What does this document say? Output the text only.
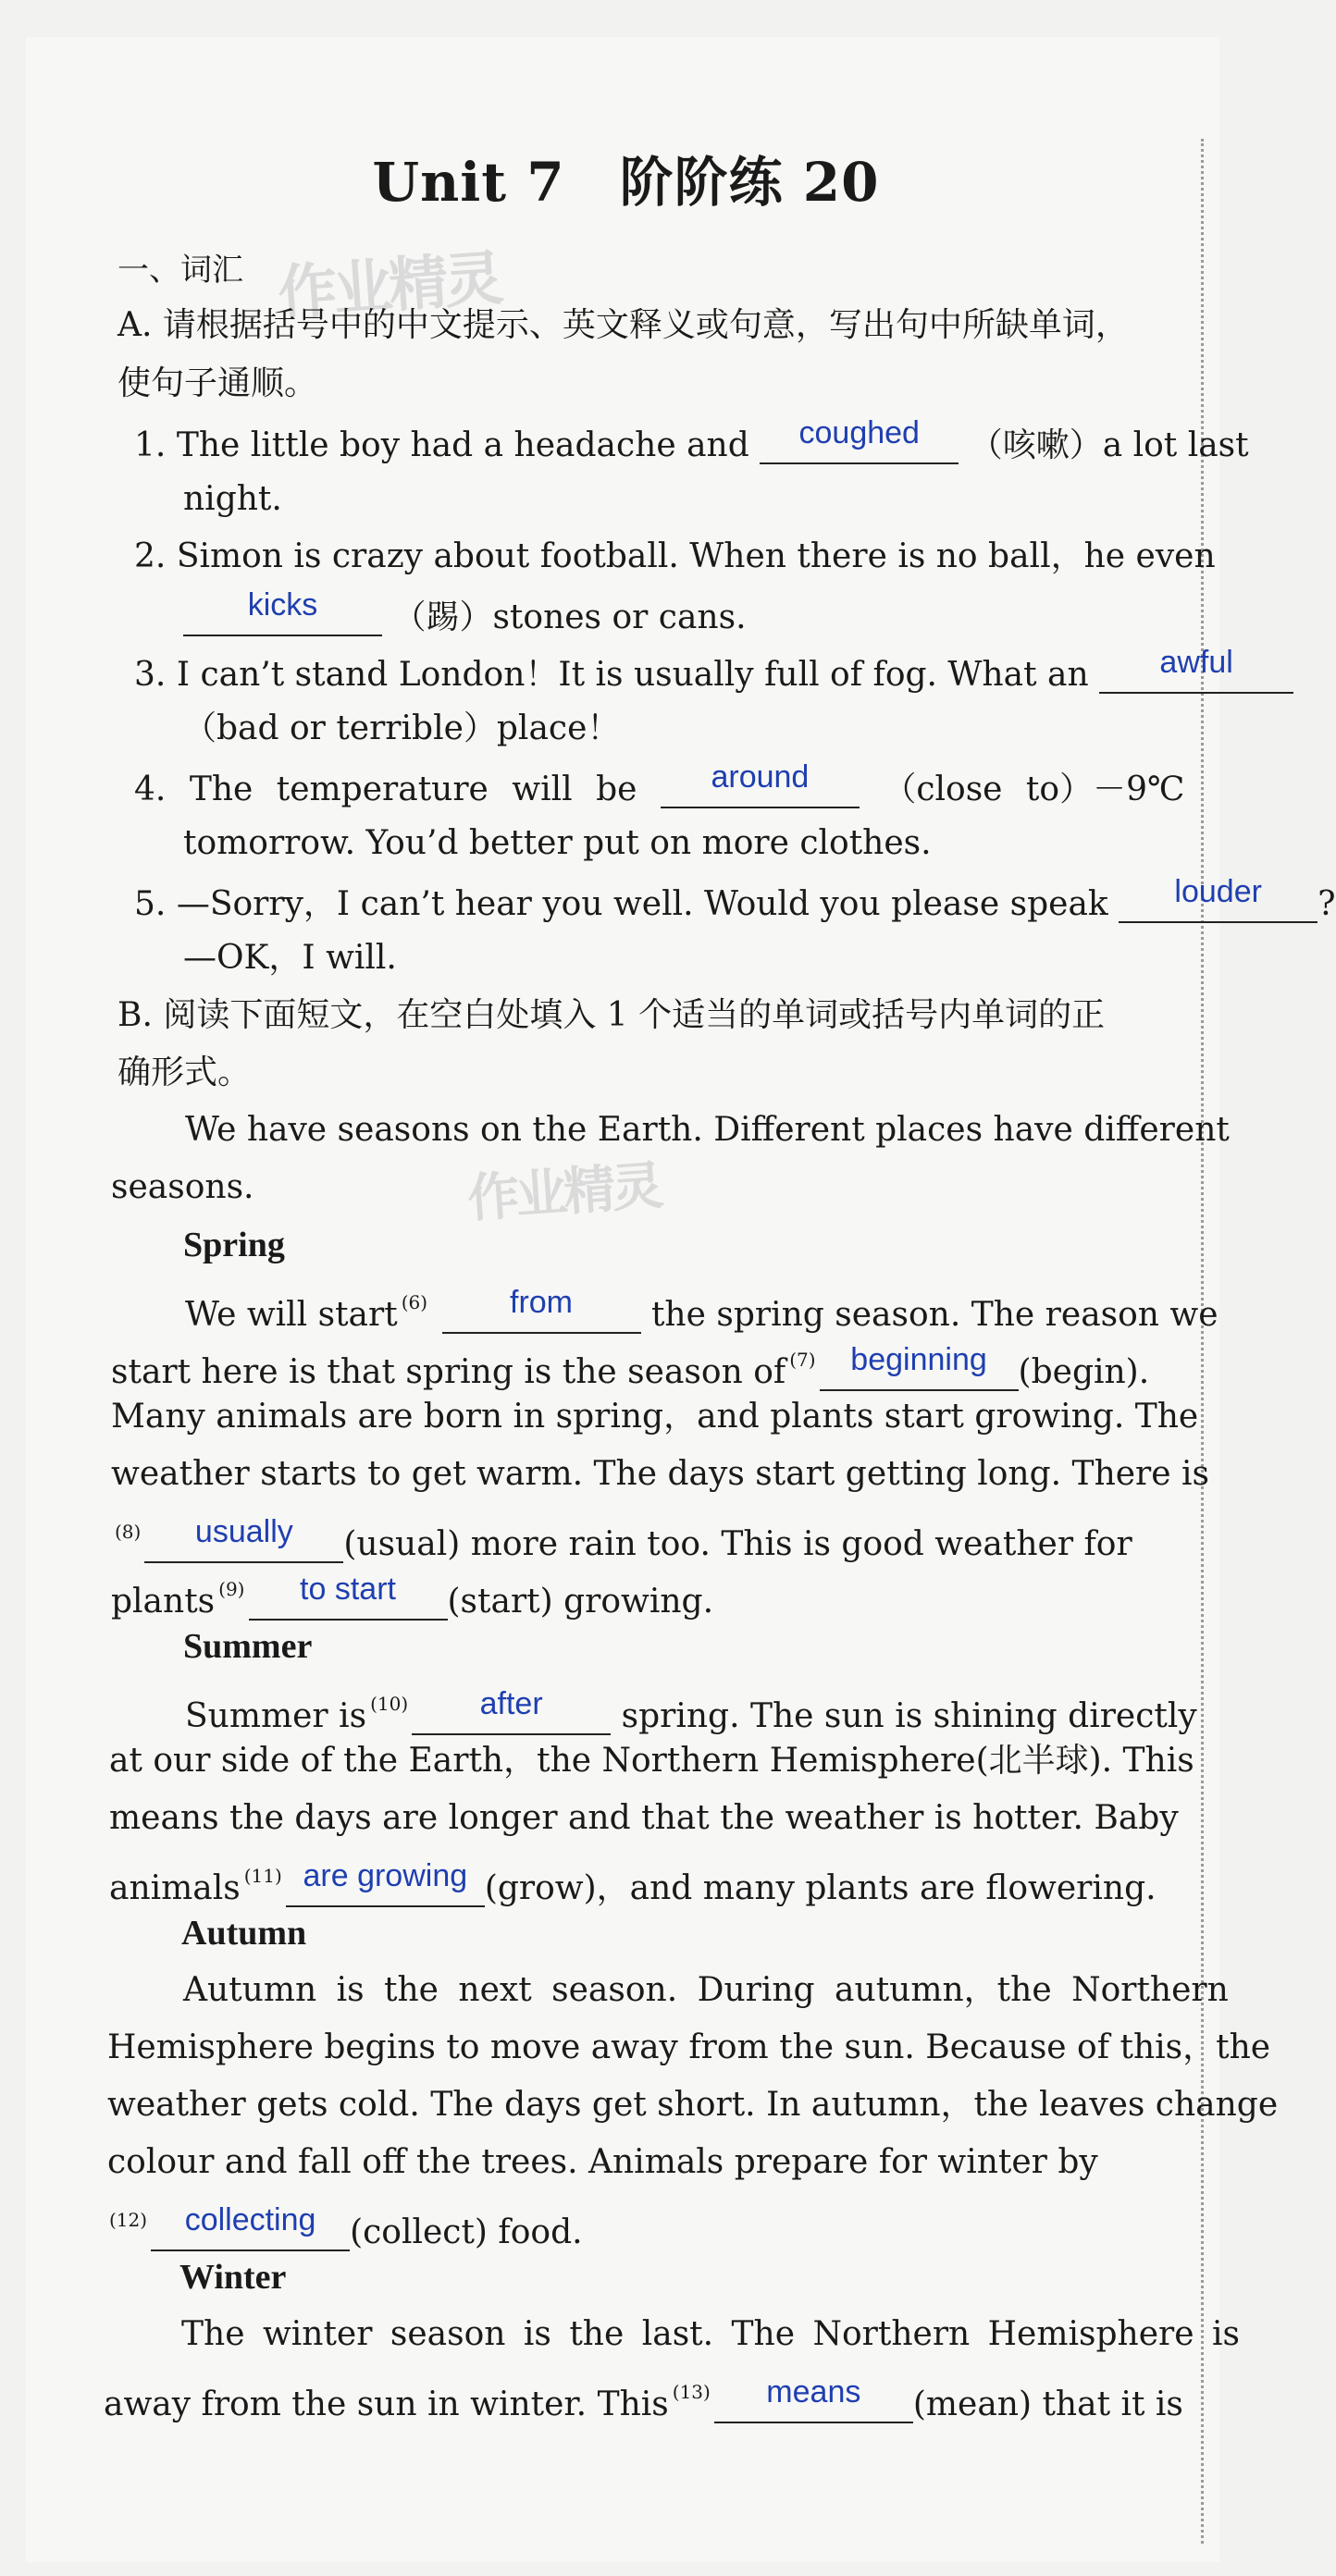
Unit 7　阶阶练 20
作业精灵
作业精灵
一、词汇
A. 请根据括号中的中文提示、英文释义或句意，写出句中所缺单词，
使句子通顺。
1. The little boy had a headache and	coughed	（咳嗽）a lot last
night.
2. Simon is crazy about football. When there is no ball，he even
kicks	（踢）stones or cans.
3. I can’t stand London！It is usually full of fog. What an	awful
（bad or terrible）place！
4. The temperature will be	around	（close to）－9℃
tomorrow. You’d better put on more clothes.
5. —Sorry，I can’t hear you well. Would you please speak	louder	?
—OK，I will.
B. 阅读下面短文，在空白处填入 1 个适当的单词或括号内单词的正
确形式。
We have seasons on the Earth. Different places have different
seasons.
Spring
We will start $^{(6)}$	from	the spring season. The reason we
start here is that spring is the season of $^{(7)}$	beginning (begin).
Many animals are born in spring，and plants start growing. The
weather starts to get warm. The days start getting long. There is
$^{(8)}$	usually	(usual) more rain too. This is good weather for
plants $^{(9)}$	to start	(start) growing.
Summer
Summer is $^{(10)}$	after	spring. The sun is shining directly
at our side of the Earth，the Northern Hemisphere(北半球). This
means the days are longer and that the weather is hotter. Baby
animals $^{(11)}$ are growing (grow)，and many plants are flowering.
Autumn
Autumn is the next season. During autumn，the Northern
Hemisphere begins to move away from the sun. Because of this，the
weather gets cold. The days get short. In autumn，the leaves change
colour and fall off the trees. Animals prepare for winter by
$^{(12)}$	collecting	(collect) food.
Winter
The winter season is the last. The Northern Hemisphere is
away from the sun in winter. This $^{(13)}$	means	(mean) that it is
